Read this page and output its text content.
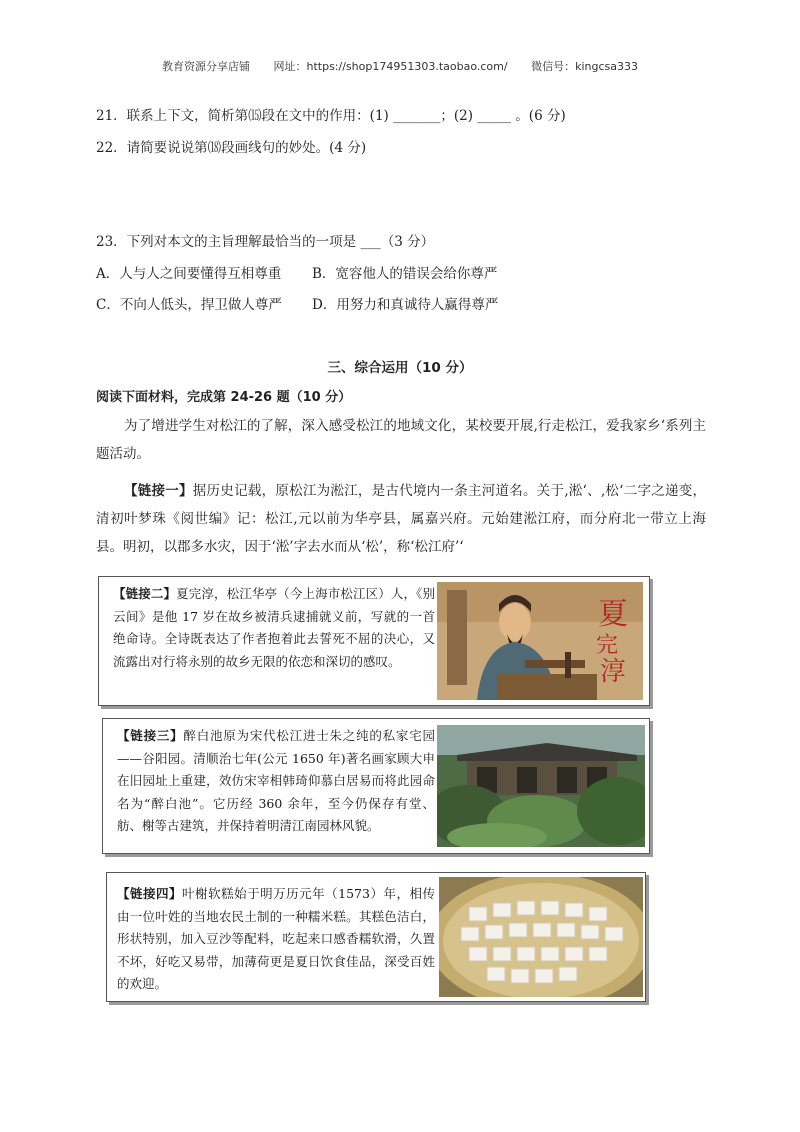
教育资源分享店铺 网址：https://shop174951303.taobao.com/ 微信号：kingcsa333
21．联系上下文，简析第⒂段在文中的作用：(1) _______；(2) _____ 。(6 分)
22．请简要说说第⒅段画线句的妙处。(4 分)
23．下列对本文的主旨理解最恰当的一项是 ___（3 分）
A．人与人之间要懂得互相尊重 B．宽容他人的错误会给你尊严
C．不向人低头，捍卫做人尊严 D．用努力和真诚待人赢得尊严
三、综合运用（10 分）
阅读下面材料，完成第 24-26 题（10 分）
为了增进学生对松江的了解，深入感受松江的地域文化，某校要开展‚行走松江，爱我家乡‘系列主题活动。
【链接一】据历史记载，原松江为淞江，是古代境内一条主河道名。关于‚淞‘、‚松‘二字之递变，清初叶梦珠《阅世编》记：松江‚元以前为华亭县，属嘉兴府。元始建淞江府，而分府北一带立上海县。明初，以郡多水灾，因于‘淞’字去水而从‘松’，称‘松江府’‘
【链接二】夏完淳，松江华亭（今上海市松江区）人，《别云间》是他 17 岁在故乡被清兵逮捕就义前，写就的一首绝命诗。全诗既表达了作者抱着此去誓死不屈的决心，又流露出对行将永别的故乡无限的依恋和深切的感叹。
夏
完
淳
【链接三】醉白池原为宋代松江进士朱之纯的私家宅园——谷阳园。清顺治七年(公元 1650 年)著名画家顾大申在旧园址上重建，效仿宋宰相韩琦仰慕白居易而将此园命名为“醉白池”。它历经 360 余年，至今仍保存有堂、舫、榭等古建筑，并保持着明清江南园林风貌。
【链接四】叶榭软糕始于明万历元年（1573）年，相传由一位叶姓的当地农民土制的一种糯米糕。其糕色洁白，形状特别，加入豆沙等配料，吃起来口感香糯软滑，久置不坏，好吃又易带，加薄荷更是夏日饮食佳品，深受百姓的欢迎。
